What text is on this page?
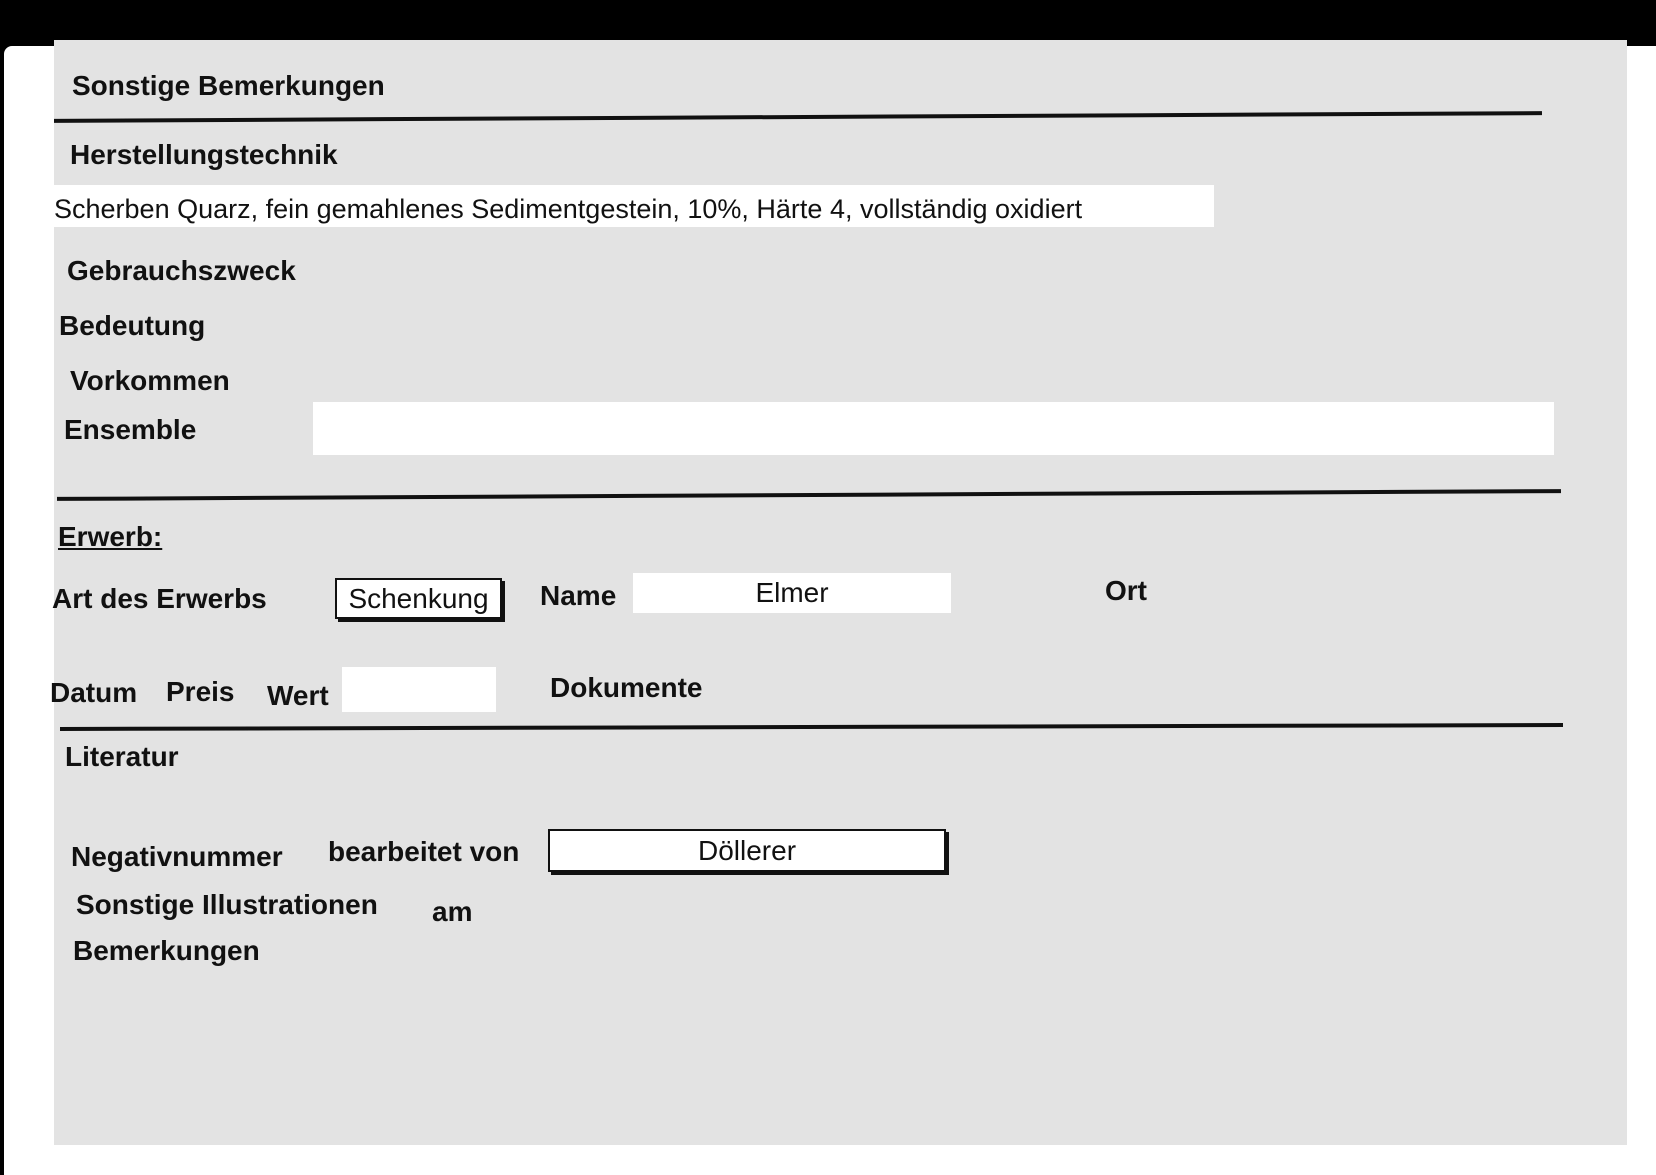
Sonstige Bemerkungen
Herstellungstechnik
Scherben Quarz, fein gemahlenes Sedimentgestein, 10%, Härte 4, vollständig oxidiert
Gebrauchszweck
Bedeutung
Vorkommen
Ensemble
Erwerb:
Art des Erwerbs	Schenkung Name	Elmer	Ort
Datum Preis Wert	Dokumente
Literatur
Negativnummer bearbeitet von	Döllerer
Sonstige Illustrationen am
Bemerkungen
